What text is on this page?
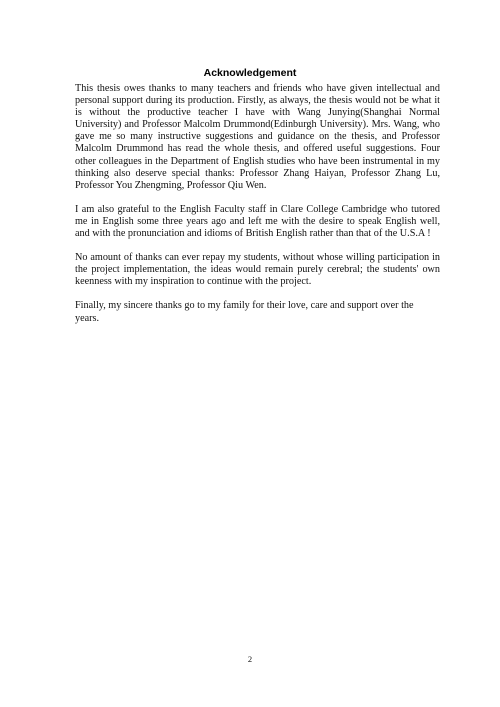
Acknowledgement

This thesis owes thanks to many teachers and friends who have given intellectual and personal support during its production. Firstly, as always, the thesis would not be what it is without the productive teacher I have with Wang Junying(Shanghai Normal University) and Professor Malcolm Drummond(Edinburgh University). Mrs. Wang, who gave me so many instructive suggestions and guidance on the thesis, and Professor Malcolm Drummond has read the whole thesis, and offered useful suggestions. Four other colleagues in the Department of English studies who have been instrumental in my thinking also deserve special thanks: Professor Zhang Haiyan, Professor Zhang Lu, Professor You Zhengming, Professor Qiu Wen.

I am also grateful to the English Faculty staff in Clare College Cambridge who tutored me in English some three years ago and left me with the desire to speak English well, and with the pronunciation and idioms of British English rather than that of the U.S.A !

No amount of thanks can ever repay my students, without whose willing participation in the project implementation, the ideas would remain purely cerebral; the students' own keenness with my inspiration to continue with the project.

Finally, my sincere thanks go to my family for their love, care and support over the years.

2
